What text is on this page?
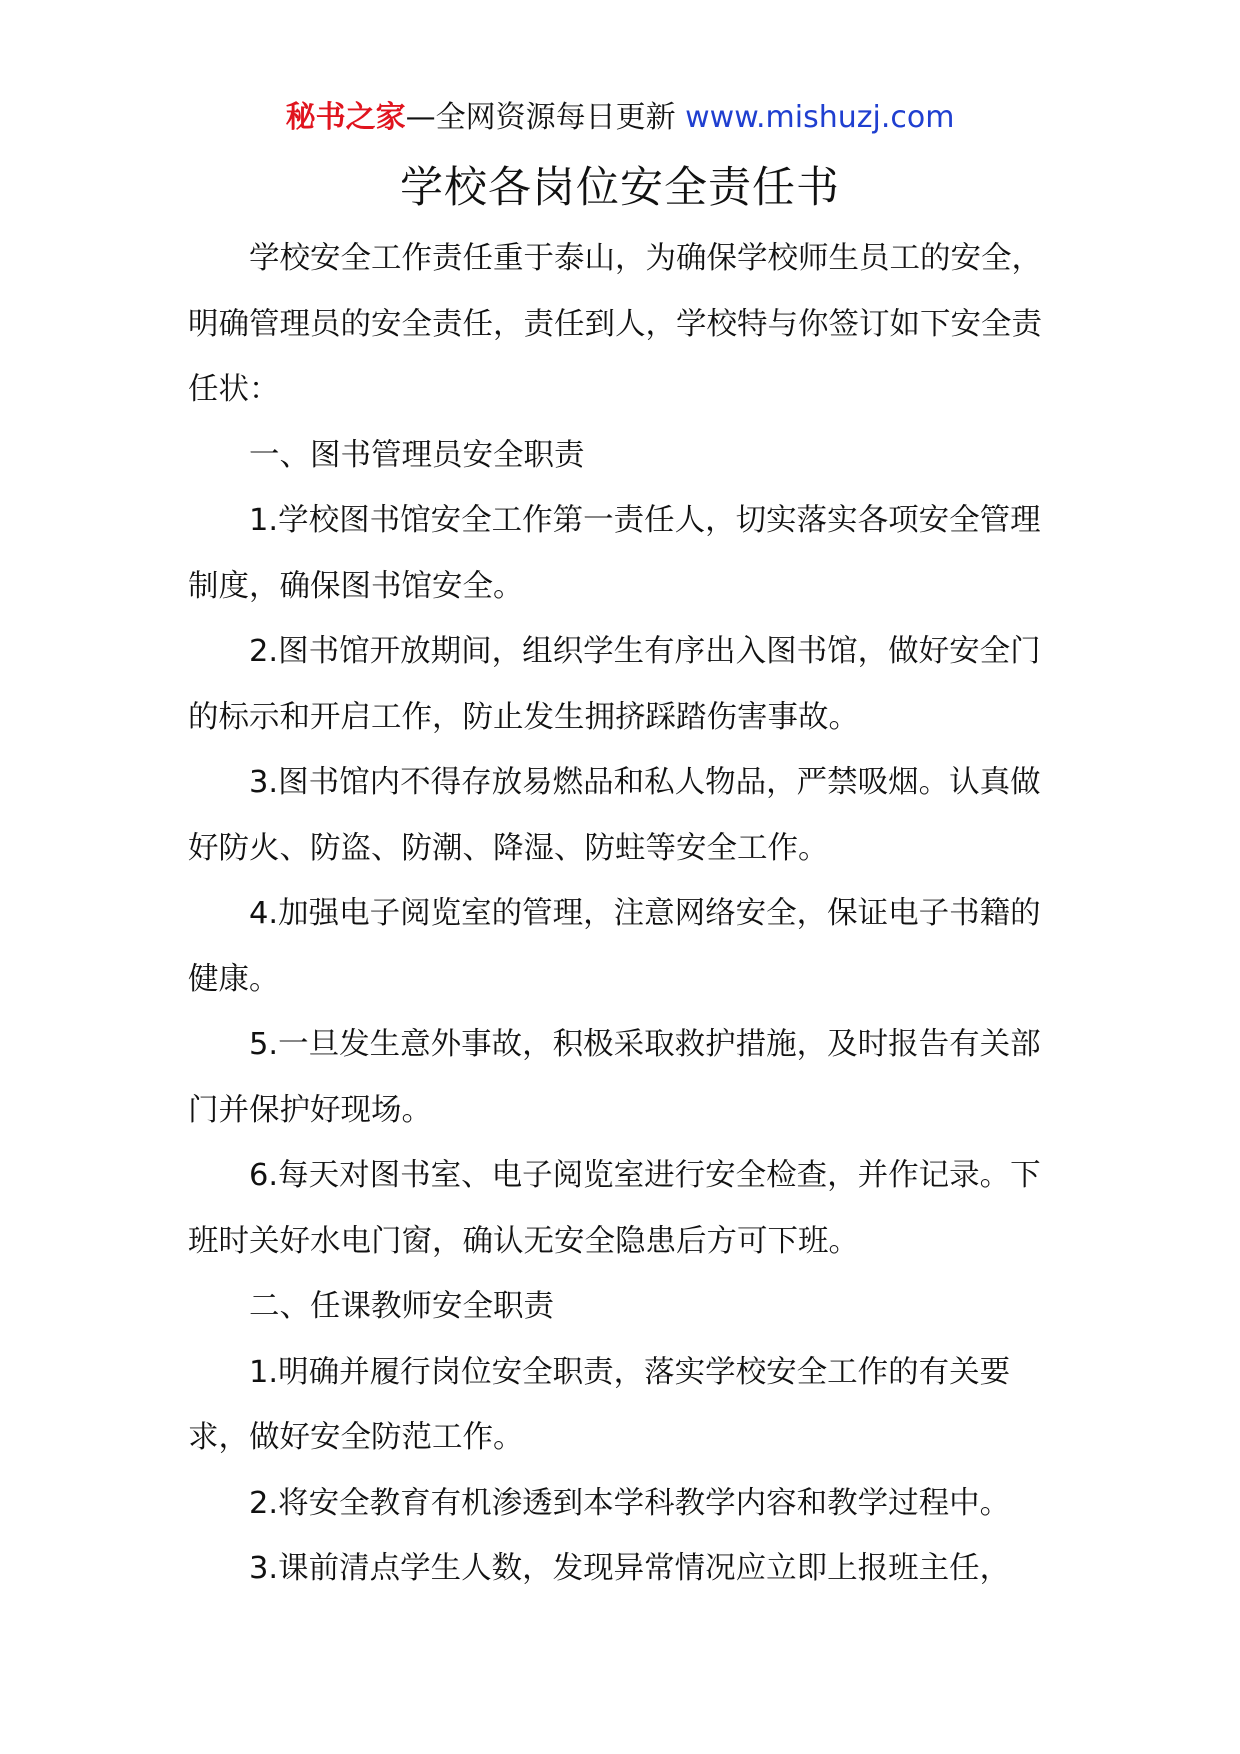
秘书之家—全网资源每日更新 www.mishuzj.com
学校各岗位安全责任书

学校安全工作责任重于泰山，为确保学校师生员工的安全，明确管理员的安全责任，责任到人，学校特与你签订如下安全责任状：

一、图书管理员安全职责

1.学校图书馆安全工作第一责任人，切实落实各项安全管理制度，确保图书馆安全。

2.图书馆开放期间，组织学生有序出入图书馆，做好安全门的标示和开启工作，防止发生拥挤踩踏伤害事故。

3.图书馆内不得存放易燃品和私人物品，严禁吸烟。认真做好防火、防盗、防潮、降湿、防蛀等安全工作。

4.加强电子阅览室的管理，注意网络安全，保证电子书籍的健康。

5.一旦发生意外事故，积极采取救护措施，及时报告有关部门并保护好现场。

6.每天对图书室、电子阅览室进行安全检查，并作记录。下班时关好水电门窗，确认无安全隐患后方可下班。

二、任课教师安全职责

1.明确并履行岗位安全职责，落实学校安全工作的有关要求，做好安全防范工作。

2.将安全教育有机渗透到本学科教学内容和教学过程中。

3.课前清点学生人数，发现异常情况应立即上报班主任，
